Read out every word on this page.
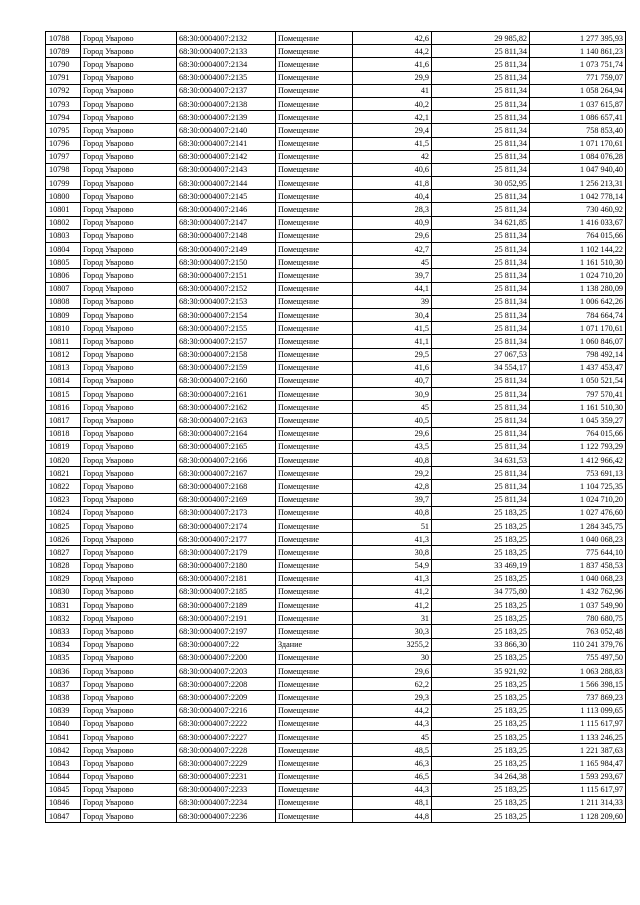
10788	Город Уварово	68:30:0004007:2132	Помещение	42,6	29 985,82	1 277 395,93
10789	Город Уварово	68:30:0004007:2133	Помещение	44,2	25 811,34	1 140 861,23
10790	Город Уварово	68:30:0004007:2134	Помещение	41,6	25 811,34	1 073 751,74
10791	Город Уварово	68:30:0004007:2135	Помещение	29,9	25 811,34	771 759,07
10792	Город Уварово	68:30:0004007:2137	Помещение	41	25 811,34	1 058 264,94
10793	Город Уварово	68:30:0004007:2138	Помещение	40,2	25 811,34	1 037 615,87
10794	Город Уварово	68:30:0004007:2139	Помещение	42,1	25 811,34	1 086 657,41
10795	Город Уварово	68:30:0004007:2140	Помещение	29,4	25 811,34	758 853,40
10796	Город Уварово	68:30:0004007:2141	Помещение	41,5	25 811,34	1 071 170,61
10797	Город Уварово	68:30:0004007:2142	Помещение	42	25 811,34	1 084 076,28
10798	Город Уварово	68:30:0004007:2143	Помещение	40,6	25 811,34	1 047 940,40
10799	Город Уварово	68:30:0004007:2144	Помещение	41,8	30 052,95	1 256 213,31
10800	Город Уварово	68:30:0004007:2145	Помещение	40,4	25 811,34	1 042 778,14
10801	Город Уварово	68:30:0004007:2146	Помещение	28,3	25 811,34	730 460,92
10802	Город Уварово	68:30:0004007:2147	Помещение	40,9	34 621,85	1 416 033,67
10803	Город Уварово	68:30:0004007:2148	Помещение	29,6	25 811,34	764 015,66
10804	Город Уварово	68:30:0004007:2149	Помещение	42,7	25 811,34	1 102 144,22
10805	Город Уварово	68:30:0004007:2150	Помещение	45	25 811,34	1 161 510,30
10806	Город Уварово	68:30:0004007:2151	Помещение	39,7	25 811,34	1 024 710,20
10807	Город Уварово	68:30:0004007:2152	Помещение	44,1	25 811,34	1 138 280,09
10808	Город Уварово	68:30:0004007:2153	Помещение	39	25 811,34	1 006 642,26
10809	Город Уварово	68:30:0004007:2154	Помещение	30,4	25 811,34	784 664,74
10810	Город Уварово	68:30:0004007:2155	Помещение	41,5	25 811,34	1 071 170,61
10811	Город Уварово	68:30:0004007:2157	Помещение	41,1	25 811,34	1 060 846,07
10812	Город Уварово	68:30:0004007:2158	Помещение	29,5	27 067,53	798 492,14
10813	Город Уварово	68:30:0004007:2159	Помещение	41,6	34 554,17	1 437 453,47
10814	Город Уварово	68:30:0004007:2160	Помещение	40,7	25 811,34	1 050 521,54
10815	Город Уварово	68:30:0004007:2161	Помещение	30,9	25 811,34	797 570,41
10816	Город Уварово	68:30:0004007:2162	Помещение	45	25 811,34	1 161 510,30
10817	Город Уварово	68:30:0004007:2163	Помещение	40,5	25 811,34	1 045 359,27
10818	Город Уварово	68:30:0004007:2164	Помещение	29,6	25 811,34	764 015,66
10819	Город Уварово	68:30:0004007:2165	Помещение	43,5	25 811,34	1 122 793,29
10820	Город Уварово	68:30:0004007:2166	Помещение	40,8	34 631,53	1 412 966,42
10821	Город Уварово	68:30:0004007:2167	Помещение	29,2	25 811,34	753 691,13
10822	Город Уварово	68:30:0004007:2168	Помещение	42,8	25 811,34	1 104 725,35
10823	Город Уварово	68:30:0004007:2169	Помещение	39,7	25 811,34	1 024 710,20
10824	Город Уварово	68:30:0004007:2173	Помещение	40,8	25 183,25	1 027 476,60
10825	Город Уварово	68:30:0004007:2174	Помещение	51	25 183,25	1 284 345,75
10826	Город Уварово	68:30:0004007:2177	Помещение	41,3	25 183,25	1 040 068,23
10827	Город Уварово	68:30:0004007:2179	Помещение	30,8	25 183,25	775 644,10
10828	Город Уварово	68:30:0004007:2180	Помещение	54,9	33 469,19	1 837 458,53
10829	Город Уварово	68:30:0004007:2181	Помещение	41,3	25 183,25	1 040 068,23
10830	Город Уварово	68:30:0004007:2185	Помещение	41,2	34 775,80	1 432 762,96
10831	Город Уварово	68:30:0004007:2189	Помещение	41,2	25 183,25	1 037 549,90
10832	Город Уварово	68:30:0004007:2191	Помещение	31	25 183,25	780 680,75
10833	Город Уварово	68:30:0004007:2197	Помещение	30,3	25 183,25	763 052,48
10834	Город Уварово	68:30:0004007:22	Здание	3255,2	33 866,30	110 241 379,76
10835	Город Уварово	68:30:0004007:2200	Помещение	30	25 183,25	755 497,50
10836	Город Уварово	68:30:0004007:2203	Помещение	29,6	35 921,92	1 063 288,83
10837	Город Уварово	68:30:0004007:2208	Помещение	62,2	25 183,25	1 566 398,15
10838	Город Уварово	68:30:0004007:2209	Помещение	29,3	25 183,25	737 869,23
10839	Город Уварово	68:30:0004007:2216	Помещение	44,2	25 183,25	1 113 099,65
10840	Город Уварово	68:30:0004007:2222	Помещение	44,3	25 183,25	1 115 617,97
10841	Город Уварово	68:30:0004007:2227	Помещение	45	25 183,25	1 133 246,25
10842	Город Уварово	68:30:0004007:2228	Помещение	48,5	25 183,25	1 221 387,63
10843	Город Уварово	68:30:0004007:2229	Помещение	46,3	25 183,25	1 165 984,47
10844	Город Уварово	68:30:0004007:2231	Помещение	46,5	34 264,38	1 593 293,67
10845	Город Уварово	68:30:0004007:2233	Помещение	44,3	25 183,25	1 115 617,97
10846	Город Уварово	68:30:0004007:2234	Помещение	48,1	25 183,25	1 211 314,33
10847	Город Уварово	68:30:0004007:2236	Помещение	44,8	25 183,25	1 128 209,60
